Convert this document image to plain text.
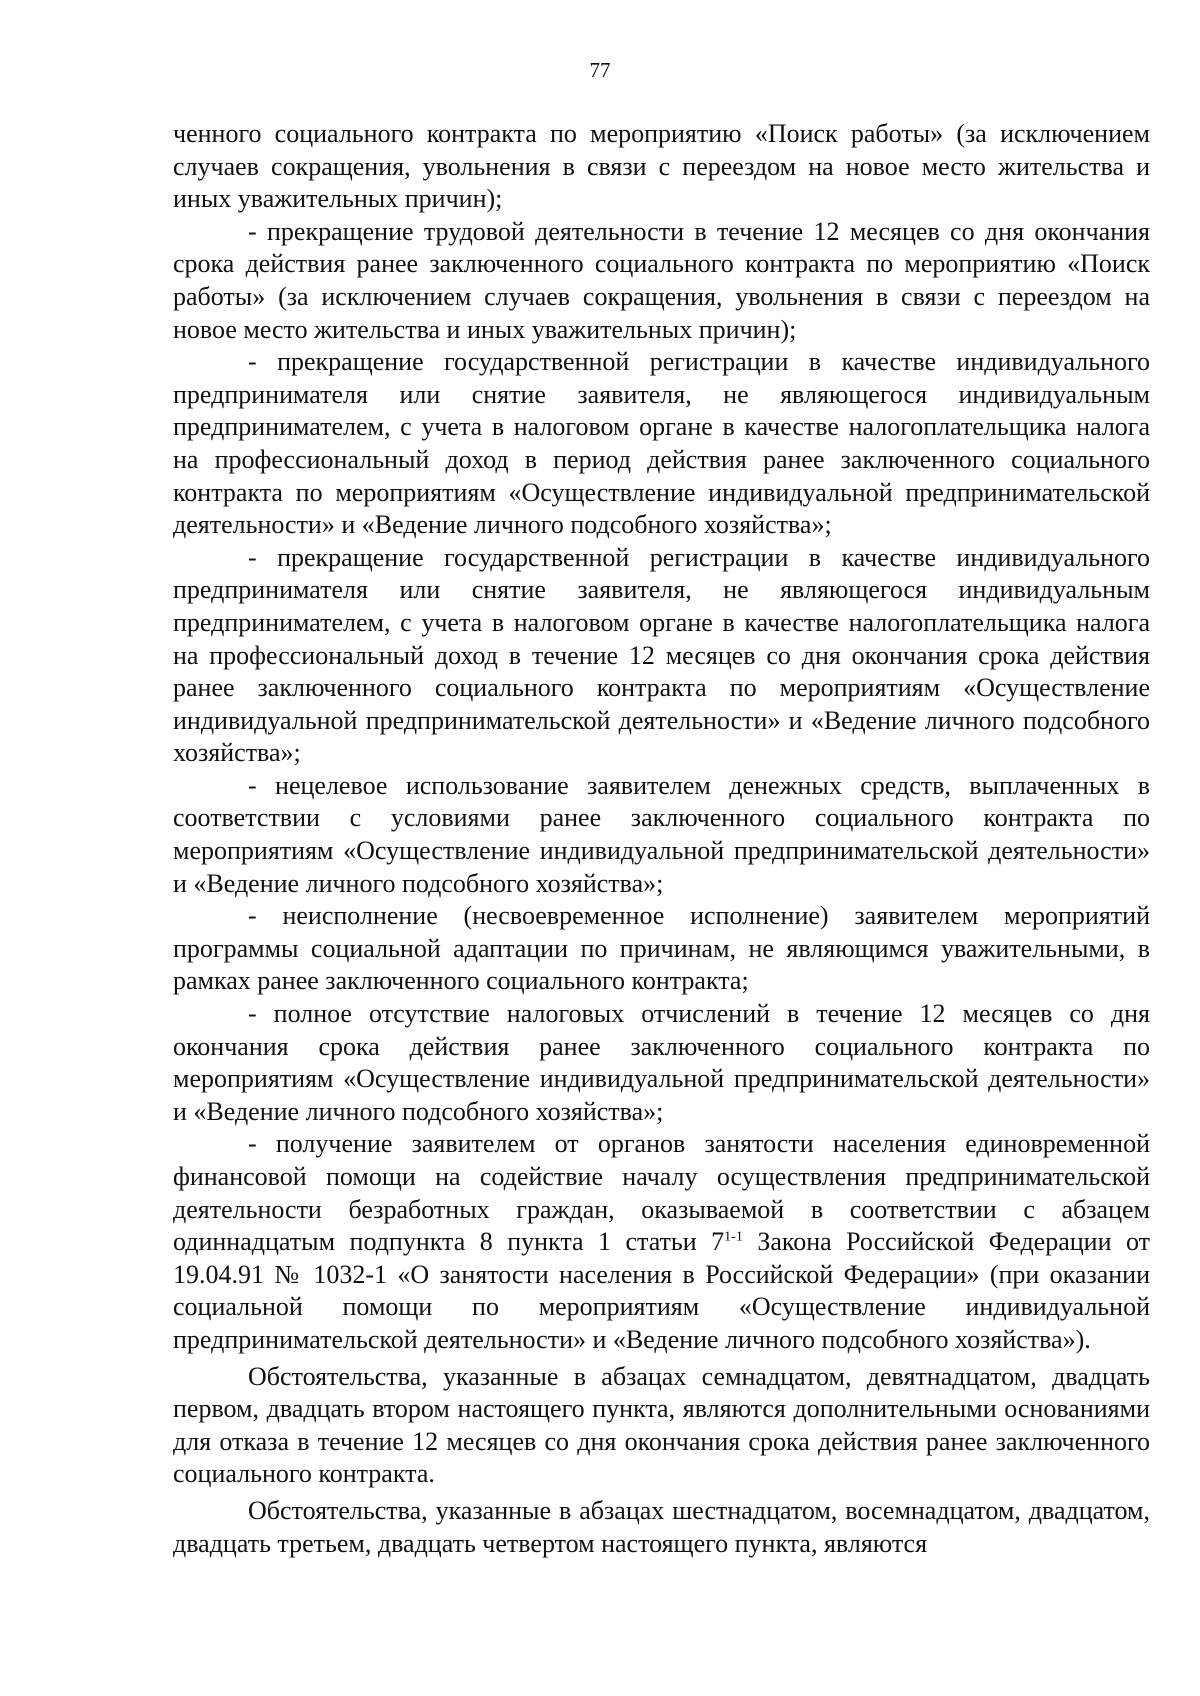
77

ченного социального контракта по мероприятию «Поиск работы» (за исключением случаев сокращения, увольнения в связи с переездом на новое место жительства и иных уважительных причин);

- прекращение трудовой деятельности в течение 12 месяцев со дня окончания срока действия ранее заключенного социального контракта по мероприятию «Поиск работы» (за исключением случаев сокращения, увольнения в связи с переездом на новое место жительства и иных уважительных причин);

- прекращение государственной регистрации в качестве индивидуального предпринимателя или снятие заявителя, не являющегося индивидуальным предпринимателем, с учета в налоговом органе в качестве налогоплательщика налога на профессиональный доход в период действия ранее заключенного социального контракта по мероприятиям «Осуществление индивидуальной предпринимательской деятельности» и «Ведение личного подсобного хозяйства»;

- прекращение государственной регистрации в качестве индивидуального предпринимателя или снятие заявителя, не являющегося индивидуальным предпринимателем, с учета в налоговом органе в качестве налогоплательщика налога на профессиональный доход в течение 12 месяцев со дня окончания срока действия ранее заключенного социального контракта по мероприятиям «Осуществление индивидуальной предпринимательской деятельности» и «Ведение личного подсобного хозяйства»;

- нецелевое использование заявителем денежных средств, выплаченных в соответствии с условиями ранее заключенного социального контракта по мероприятиям «Осуществление индивидуальной предпринимательской деятельности» и «Ведение личного подсобного хозяйства»;

- неисполнение (несвоевременное исполнение) заявителем мероприятий программы социальной адаптации по причинам, не являющимся уважительными, в рамках ранее заключенного социального контракта;

- полное отсутствие налоговых отчислений в течение 12 месяцев со дня окончания срока действия ранее заключенного социального контракта по мероприятиям «Осуществление индивидуальной предпринимательской деятельности» и «Ведение личного подсобного хозяйства»;

- получение заявителем от органов занятости населения единовременной финансовой помощи на содействие началу осуществления предпринимательской деятельности безработных граждан, оказываемой в соответствии с абзацем одиннадцатым подпункта 8 пункта 1 статьи 7$^{1-1}$ Закона Российской Федерации от 19.04.91 № 1032-1 «О занятости населения в Российской Федерации» (при оказании социальной помощи по мероприятиям «Осуществление индивидуальной предпринимательской деятельности» и «Ведение личного подсобного хозяйства»).

Обстоятельства, указанные в абзацах семнадцатом, девятнадцатом, двадцать первом, двадцать втором настоящего пункта, являются дополнительными основаниями для отказа в течение 12 месяцев со дня окончания срока действия ранее заключенного социального контракта.

Обстоятельства, указанные в абзацах шестнадцатом, восемнадцатом, двадцатом, двадцать третьем, двадцать четвертом настоящего пункта, являются
